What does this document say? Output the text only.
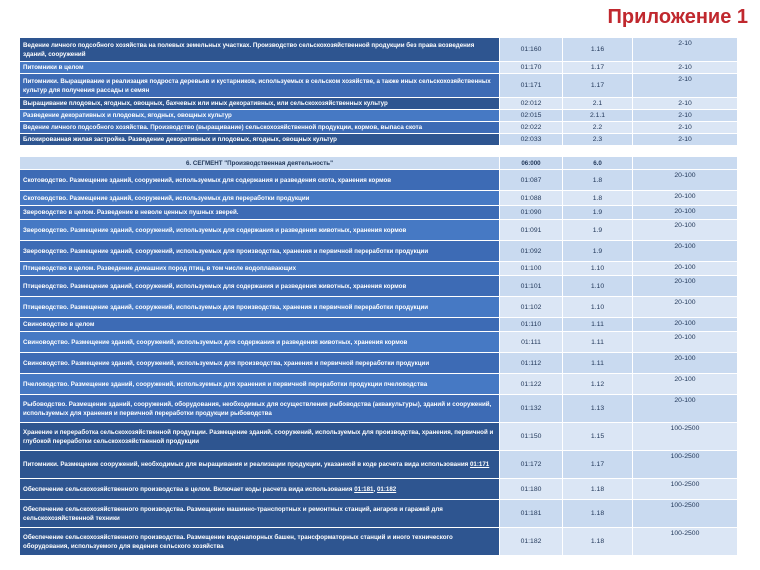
Приложение 1
Ведение личного подсобного хозяйства на полевых земельных участках. Производство сельскохозяйственной продукции без права возведения зданий, сооружений	01:160	1.16	2-10
Питомники в целом	01:170	1.17	2-10
Питомники. Выращивание и реализация подроста деревьев и кустарников, используемых в сельском хозяйстве, а также иных сельскохозяйственных культур для получения рассады и семян	01:171	1.17	2-10
Выращивание плодовых, ягодных, овощных, бахчевых или иных декоративных, или сельскохозяйственных культур	02:012	2.1	2-10
Разведение декоративных и плодовых, ягодных, овощных культур	02:015	2.1.1	2-10
Ведение личного подсобного хозяйства. Производство (выращивание) сельскохозяйственной продукции, кормов, выпаса скота	02:022	2.2	2-10
Блокированная жилая застройка. Разведение декоративных и плодовых, ягодных, овощных культур	02:033	2.3	2-10

6. СЕГМЕНТ "Производственная деятельность"	06:000	6.0	
Скотоводство. Размещение зданий, сооружений, используемых для содержания и разведения скота, хранения кормов	01:087	1.8	20-100
Скотоводство. Размещение зданий, сооружений, используемых для переработки продукции	01:088	1.8	20-100
Звероводство в целом. Разведение в неволе ценных пушных зверей.	01:090	1.9	20-100
Звероводство. Размещение зданий, сооружений, используемых для содержания и разведения животных, хранения кормов	01:091	1.9	20-100
Звероводство. Размещение зданий, сооружений, используемых для производства, хранения и первичной переработки продукции	01:092	1.9	20-100
Птицеводство в целом. Разведение домашних пород птиц, в том числе водоплавающих	01:100	1.10	20-100
Птицеводство. Размещение зданий, сооружений, используемых для содержания и разведения животных, хранения кормов	01:101	1.10	20-100
Птицеводство. Размещение зданий, сооружений, используемых для производства, хранения и первичной переработки продукции	01:102	1.10	20-100
Свиноводство в целом	01:110	1.11	20-100
Свиноводство. Размещение зданий, сооружений, используемых для содержания и разведения животных, хранения кормов	01:111	1.11	20-100
Свиноводство. Размещение зданий, сооружений, используемых для производства, хранения и первичной переработки продукции	01:112	1.11	20-100
Пчеловодство. Размещение зданий, сооружений, используемых для хранения и первичной переработки продукции пчеловодства	01:122	1.12	20-100
Рыбоводство. Размещение зданий, сооружений, оборудования, необходимых для осуществления рыбоводства (аквакультуры), зданий и сооружений, используемых для хранения и первичной переработки продукции рыбоводства	01:132	1.13	20-100
Хранение и переработка сельскохозяйственной продукции. Размещение зданий, сооружений, используемых для производства, хранения, первичной и глубокой переработки сельскохозяйственной продукции	01:150	1.15	100-2500
Питомники. Размещение сооружений, необходимых для выращивания и реализации продукции, указанной в коде расчета вида использования 01:171	01:172	1.17	100-2500
Обеспечение сельскохозяйственного производства в целом. Включает коды расчета вида использования 01:181, 01:182	01:180	1.18	100-2500
Обеспечение сельскохозяйственного производства. Размещение машинно-транспортных и ремонтных станций, ангаров и гаражей для сельскохозяйственной техники	01:181	1.18	100-2500
Обеспечение сельскохозяйственного производства. Размещение водонапорных башен, трансформаторных станций и иного технического оборудования, используемого для ведения сельского хозяйства	01:182	1.18	100-2500
